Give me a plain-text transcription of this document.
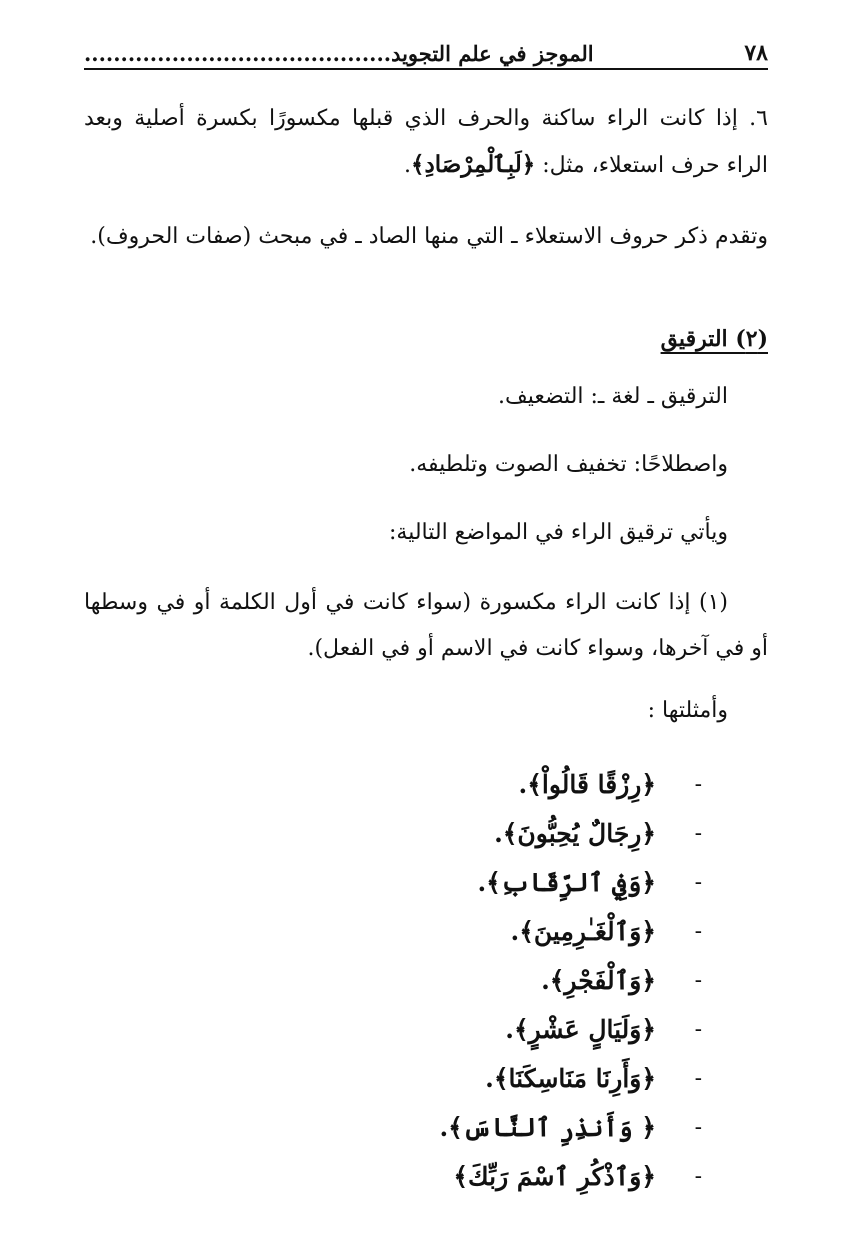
٧٨
الموجز في علم التجويد..........................................
٦. إذا كانت الراء ساكنة والحرف الذي قبلها مكسورًا بكسرة أصلية وبعد الراء حرف استعلاء، مثل: ﴿لَبِٱلْمِرْصَادِ﴾.
وتقدم ذكر حروف الاستعلاء ـ التي منها الصاد ـ في مبحث (صفات الحروف).
(٢) الترقيق
الترقيق ـ لغة ـ: التضعيف.
واصطلاحًا: تخفيف الصوت وتلطيفه.
ويأتي ترقيق الراء في المواضع التالية:
(١) إذا كانت الراء مكسورة (سواء كانت في أول الكلمة أو في وسطها أو في آخرها، وسواء كانت في الاسم أو في الفعل).
وأمثلتها :
-
﴿رِزْقًا قَالُواْ﴾.
-
﴿رِجَالٌ يُحِبُّونَ﴾.
-
﴿وَفِي ٱلرِّقَابِ﴾.
-
﴿وَٱلْغَـٰرِمِينَ﴾.
-
﴿وَٱلْفَجْرِ﴾.
-
﴿وَلَيَالٍ عَشْرٍ﴾.
-
﴿وَأَرِنَا مَنَاسِكَنَا﴾.
-
﴿ وَأَنذِرِ ٱلنَّاسَ﴾.
-
﴿وَٱذْكُرِ ٱسْمَ رَبِّكَ﴾
